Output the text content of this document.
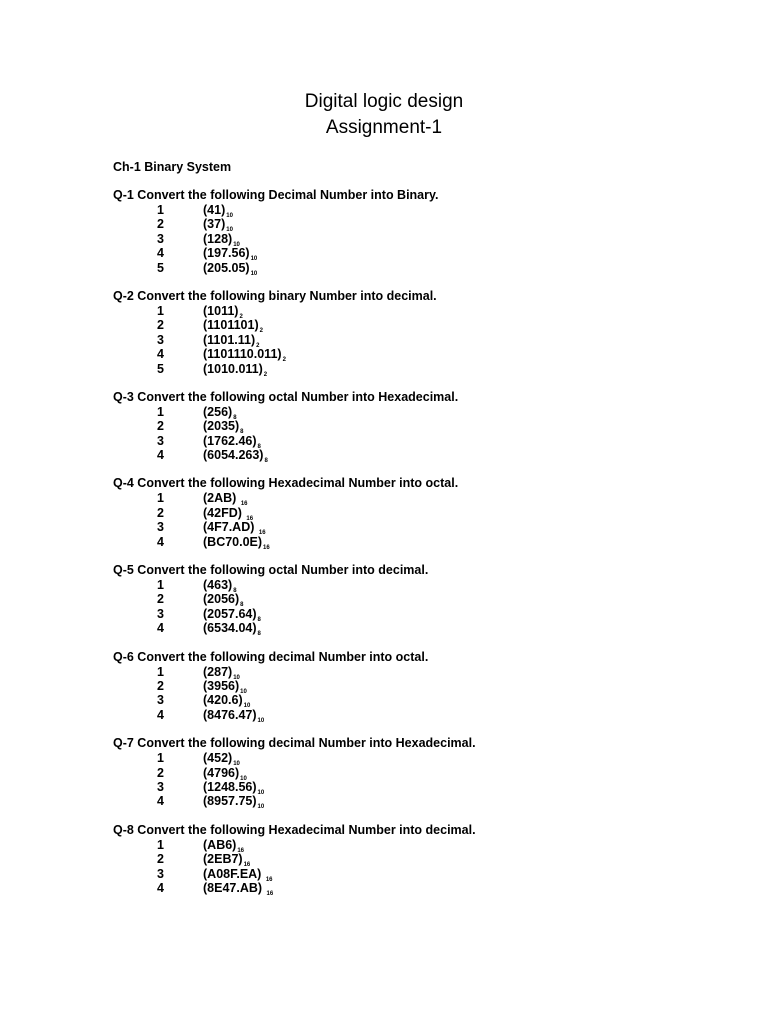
Digital logic design
Assignment-1
Ch-1 Binary System
Q-1 Convert the following Decimal Number into Binary.
1	$(41)_{10}$
2	$(37)_{10}$
3	$(128)_{10}$
4	$(197.56)_{10}$
5	$(205.05)_{10}$
Q-2 Convert the following binary Number into decimal.
1	$(1011)_2$
2	$(1101101)_2$
3	$(1101.11)_2$
4	$(1101110.011)_2$
5	$(1010.011)_2$
Q-3 Convert the following octal Number into Hexadecimal.
1	$(256)_8$
2	$(2035)_8$
3	$(1762.46)_8$
4	$(6054.263)_8$
Q-4 Convert the following Hexadecimal Number into octal.
1	(2AB) $_{16}$
2	(42FD) $_{16}$
3	(4F7.AD) $_{16}$
4	$(BC70.0E)_{16}$
Q-5 Convert the following octal Number into decimal.
1	$(463)_8$
2	$(2056)_8$
3	$(2057.64)_8$
4	$(6534.04)_8$
Q-6 Convert the following decimal Number into octal.
1	$(287)_{10}$
2	$(3956)_{10}$
3	$(420.6)_{10}$
4	$(8476.47)_{10}$
Q-7 Convert the following decimal Number into Hexadecimal.
1	$(452)_{10}$
2	$(4796)_{10}$
3	$(1248.56)_{10}$
4	$(8957.75)_{10}$
Q-8 Convert the following Hexadecimal Number into decimal.
1	$(AB6)_{16}$
2	$(2EB7)_{16}$
3	(A08F.EA) $_{16}$
4	(8E47.AB) $_{16}$
